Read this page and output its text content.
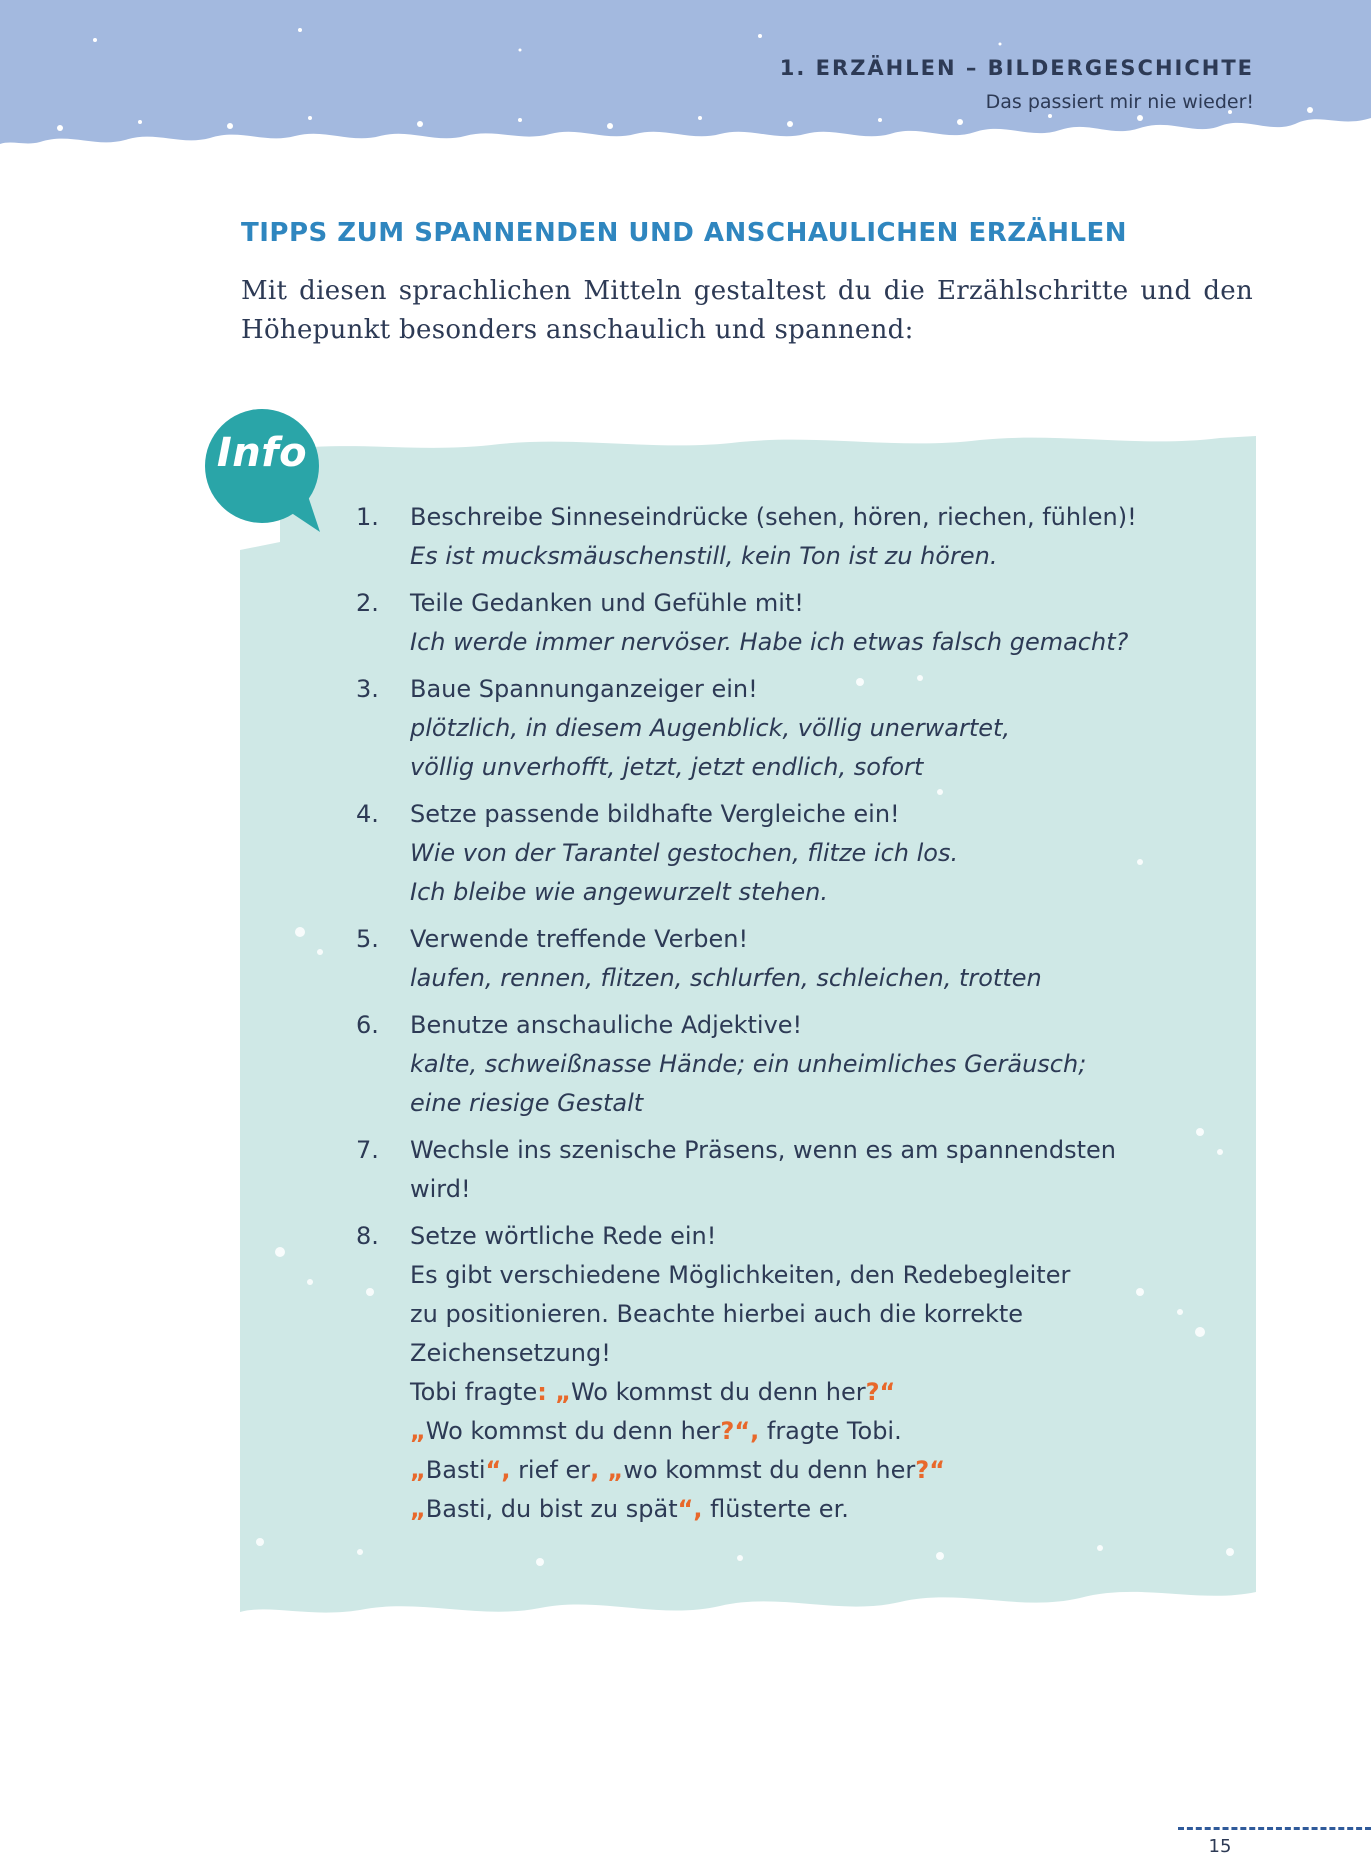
1. ERZÄHLEN – BILDERGESCHICHTE
Das passiert mir nie wieder!
TIPPS ZUM SPANNENDEN UND ANSCHAULICHEN ERZÄHLEN
Mit diesen sprachlichen Mitteln gestaltest du die Erzählschritte und den Höhepunkt besonders anschaulich und spannend:
Info
1. Beschreibe Sinneseindrücke (sehen, hören, riechen, fühlen)!
Es ist mucksmäuschenstill, kein Ton ist zu hören.
2. Teile Gedanken und Gefühle mit!
Ich werde immer nervöser. Habe ich etwas falsch gemacht?
3. Baue Spannunganzeiger ein!
plötzlich, in diesem Augenblick, völlig unerwartet,
völlig unverhofft, jetzt, jetzt endlich, sofort
4. Setze passende bildhafte Vergleiche ein!
Wie von der Tarantel gestochen, flitze ich los.
Ich bleibe wie angewurzelt stehen.
5. Verwende treffende Verben!
laufen, rennen, flitzen, schlurfen, schleichen, trotten
6. Benutze anschauliche Adjektive!
kalte, schweißnasse Hände; ein unheimliches Geräusch;
eine riesige Gestalt
7. Wechsle ins szenische Präsens, wenn es am spannendsten
wird!
8. Setze wörtliche Rede ein!
Es gibt verschiedene Möglichkeiten, den Redebegleiter
zu positionieren. Beachte hierbei auch die korrekte
Zeichensetzung!
Tobi fragte: „Wo kommst du denn her?“
„Wo kommst du denn her?“, fragte Tobi.
„Basti“, rief er, „wo kommst du denn her?“
„Basti, du bist zu spät“, flüsterte er.
15
